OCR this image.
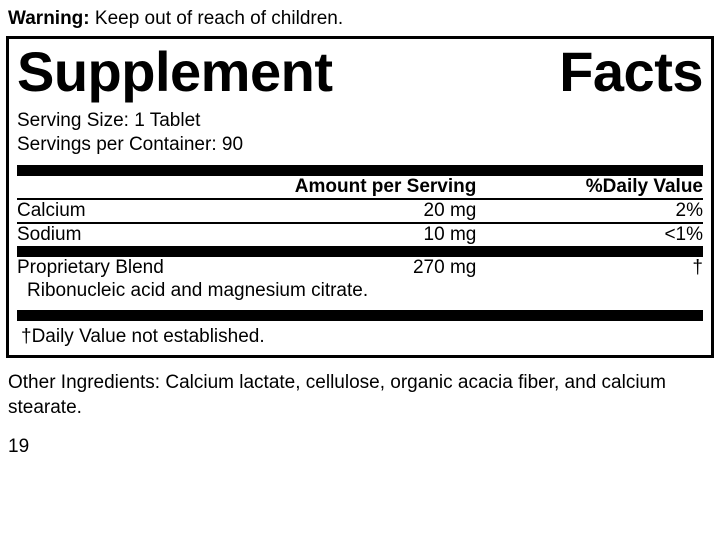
Warning: Keep out of reach of children.
Supplement	Facts
Serving Size: 1 Tablet
Servings per Container: 90
	Amount per Serving	%Daily Value
Calcium	20 mg	2%
Sodium	10 mg	<1%
Proprietary Blend	270 mg	†
Ribonucleic acid and magnesium citrate.
†Daily Value not established.
Other Ingredients: Calcium lactate, cellulose, organic acacia fiber, and calcium stearate.
19
